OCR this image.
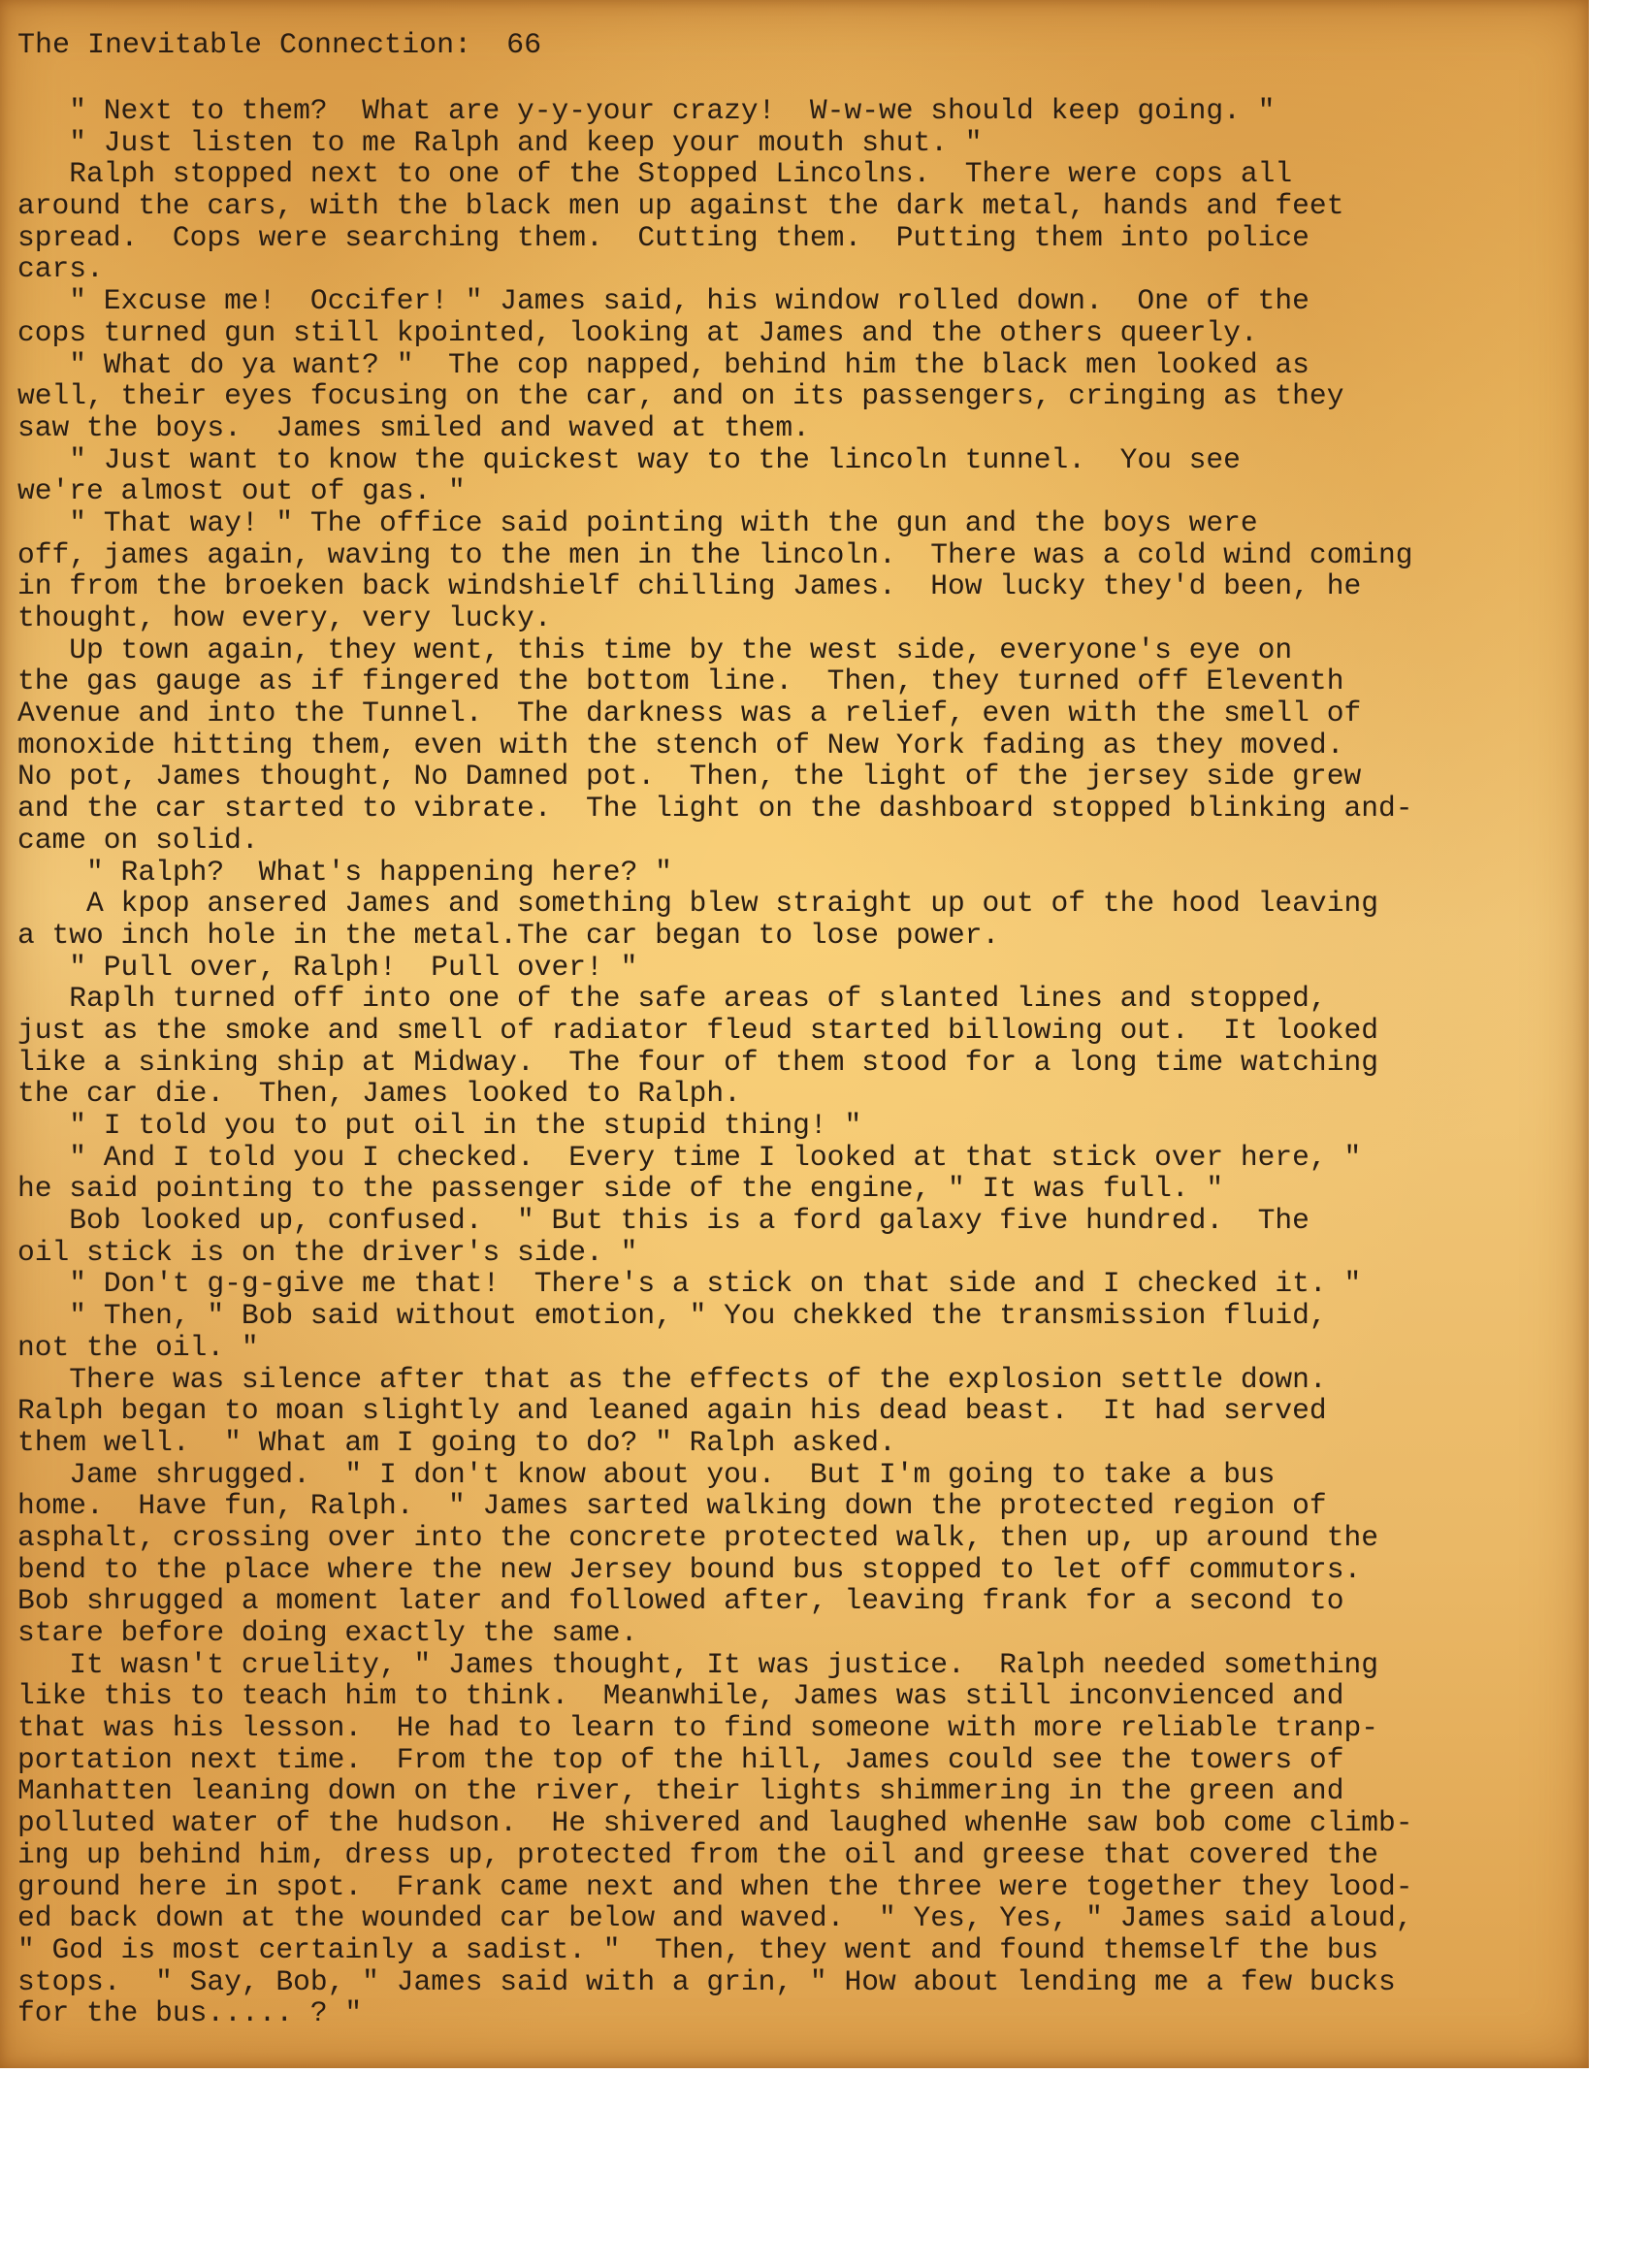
The Inevitable Connection:  66
" Next to them?  What are y-y-your crazy!  W-w-we should keep going. "
" Just listen to me Ralph and keep your mouth shut. "
Ralph stopped next to one of the Stopped Lincolns.  There were cops all
around the cars, with the black men up against the dark metal, hands and feet
spread.  Cops were searching them.  Cutting them.  Putting them into police
cars.
" Excuse me!  Occifer! " James said, his window rolled down.  One of the
cops turned gun still kpointed, looking at James and the others queerly.
" What do ya want? "  The cop napped, behind him the black men looked as
well, their eyes focusing on the car, and on its passengers, cringing as they
saw the boys.  James smiled and waved at them.
" Just want to know the quickest way to the lincoln tunnel.  You see
we're almost out of gas. "
" That way! " The office said pointing with the gun and the boys were
off, james again, waving to the men in the lincoln.  There was a cold wind coming
in from the broeken back windshielf chilling James.  How lucky they'd been, he
thought, how every, very lucky.
Up town again, they went, this time by the west side, everyone's eye on
the gas gauge as if fingered the bottom line.  Then, they turned off Eleventh
Avenue and into the Tunnel.  The darkness was a relief, even with the smell of
monoxide hitting them, even with the stench of New York fading as they moved.
No pot, James thought, No Damned pot.  Then, the light of the jersey side grew
and the car started to vibrate.  The light on the dashboard stopped blinking and-
came on solid.
" Ralph?  What's happening here? "
A kpop ansered James and something blew straight up out of the hood leaving
a two inch hole in the metal.The car began to lose power.
" Pull over, Ralph!  Pull over! "
Raplh turned off into one of the safe areas of slanted lines and stopped,
just as the smoke and smell of radiator fleud started billowing out.  It looked
like a sinking ship at Midway.  The four of them stood for a long time watching
the car die.  Then, James looked to Ralph.
" I told you to put oil in the stupid thing! "
" And I told you I checked.  Every time I looked at that stick over here, "
he said pointing to the passenger side of the engine, " It was full. "
Bob looked up, confused.  " But this is a ford galaxy five hundred.  The
oil stick is on the driver's side. "
" Don't g-g-give me that!  There's a stick on that side and I checked it. "
" Then, " Bob said without emotion, " You chekked the transmission fluid,
not the oil. "
There was silence after that as the effects of the explosion settle down.
Ralph began to moan slightly and leaned again his dead beast.  It had served
them well.  " What am I going to do? " Ralph asked.
Jame shrugged.  " I don't know about you.  But I'm going to take a bus
home.  Have fun, Ralph.  " James sarted walking down the protected region of
asphalt, crossing over into the concrete protected walk, then up, up around the
bend to the place where the new Jersey bound bus stopped to let off commutors.
Bob shrugged a moment later and followed after, leaving frank for a second to
stare before doing exactly the same.
It wasn't cruelity, " James thought, It was justice.  Ralph needed something
like this to teach him to think.  Meanwhile, James was still inconvienced and
that was his lesson.  He had to learn to find someone with more reliable tranp-
portation next time.  From the top of the hill, James could see the towers of
Manhatten leaning down on the river, their lights shimmering in the green and
polluted water of the hudson.  He shivered and laughed whenHe saw bob come climb-
ing up behind him, dress up, protected from the oil and greese that covered the
ground here in spot.  Frank came next and when the three were together they lood-
ed back down at the wounded car below and waved.  " Yes, Yes, " James said aloud,
" God is most certainly a sadist. "  Then, they went and found themself the bus
stops.  " Say, Bob, " James said with a grin, " How about lending me a few bucks
for the bus..... ? "
